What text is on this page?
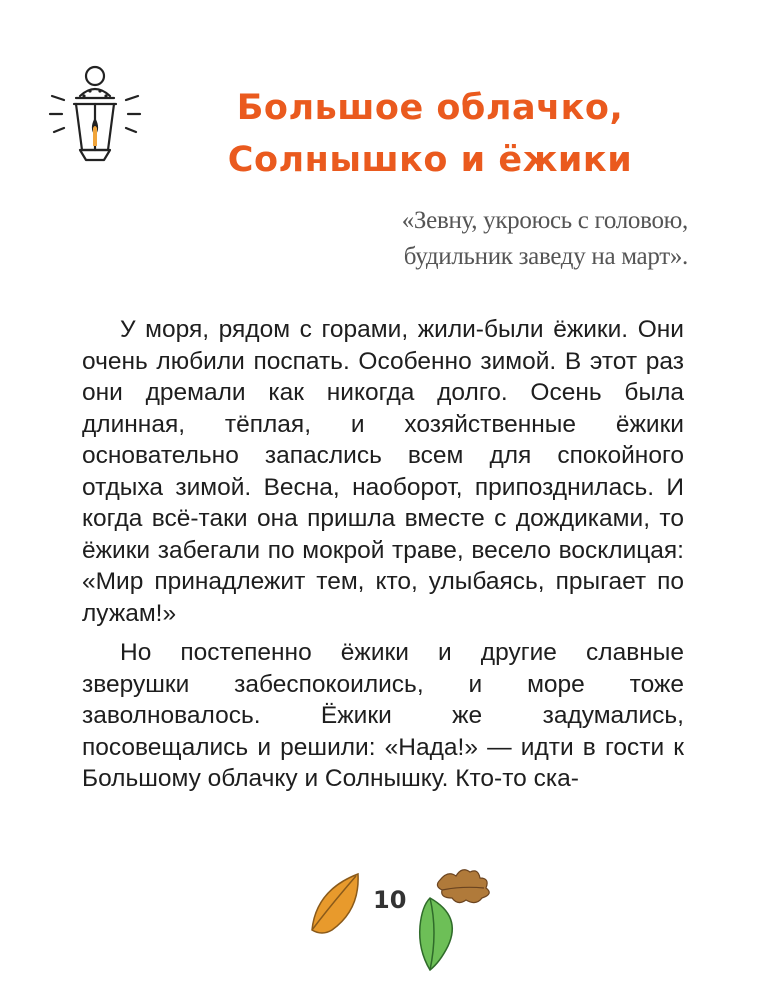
Большое облачко,
Солнышко и ёжики
«Зевну, укроюсь с головою,
будильник заведу на март».

У моря, рядом с горами, жили-были ёжики. Они очень любили поспать. Особенно зимой. В этот раз они дремали как никогда долго. Осень была длинная, тёплая, и хозяйственные ёжики основательно запаслись всем для спокойного отдыха зимой. Весна, наоборот, припозднилась. И когда всё-таки она пришла вместе с дождиками, то ёжики забегали по мокрой траве, весело восклицая: «Мир принадлежит тем, кто, улыбаясь, прыгает по лужам!»

Но постепенно ёжики и другие славные зверушки забеспокоились, и море тоже заволновалось. Ёжики же задумались, посовещались и решили: «Нада!» — идти в гости к Большому облачку и Солнышку. Кто-то ска-

10
